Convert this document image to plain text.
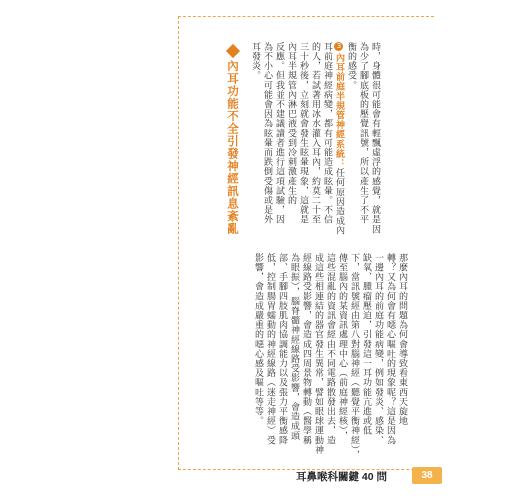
內耳功能不全引發神經訊息紊亂	時，身體很可能會有輕飄虛浮的感覺，就是因
為少了腳底板的壓覺訊號，所以產生了不平
衡的感受。
3內耳前庭半規管神經系統：任何原因造成內
耳前庭神經病變，都有可能造成眩暈。不信
的人，若試著用冰水灌入耳內，約莫二十至
三十秒後，立刻就會發生眩暈現象，這就是
內耳半規管內淋巴液受到冷刺激產生的
反應。但我並不建議讀者進行這項試驗，因
為不小心可能會因為眩暈而跌倒受傷或是外
耳發炎。
那麼內耳的問題為何會導致看東西天旋地
轉？又為何會有噁心嘔吐的現象呢？這是因為
一邊內耳的前庭功能病變，例如發炎、感染、
缺氧、腫瘤壓迫，引發這一耳功能亢進或低
下，當訊號經由第八對腦神經（聽覺平衡神經），
傳至腦內的某資訊處理中心（前庭神經核），
這些混亂的資訊會經由不同電路散發出去，造
成這些相連結的器官發生異常，譬如眼球運動神
經線路受影響，會造成四周景物轉動（醫學稱
為眼振），腦脊髓神經線路受影響，會造成頭
部、手腳四肢肌肉協調能力以及張力平衡感降
低，控制腸胃蠕動的神經線路（迷走神經）受
影響，會造成嚴重的噁心感及嘔吐等等。
耳鼻喉科關鍵 40 問	38
